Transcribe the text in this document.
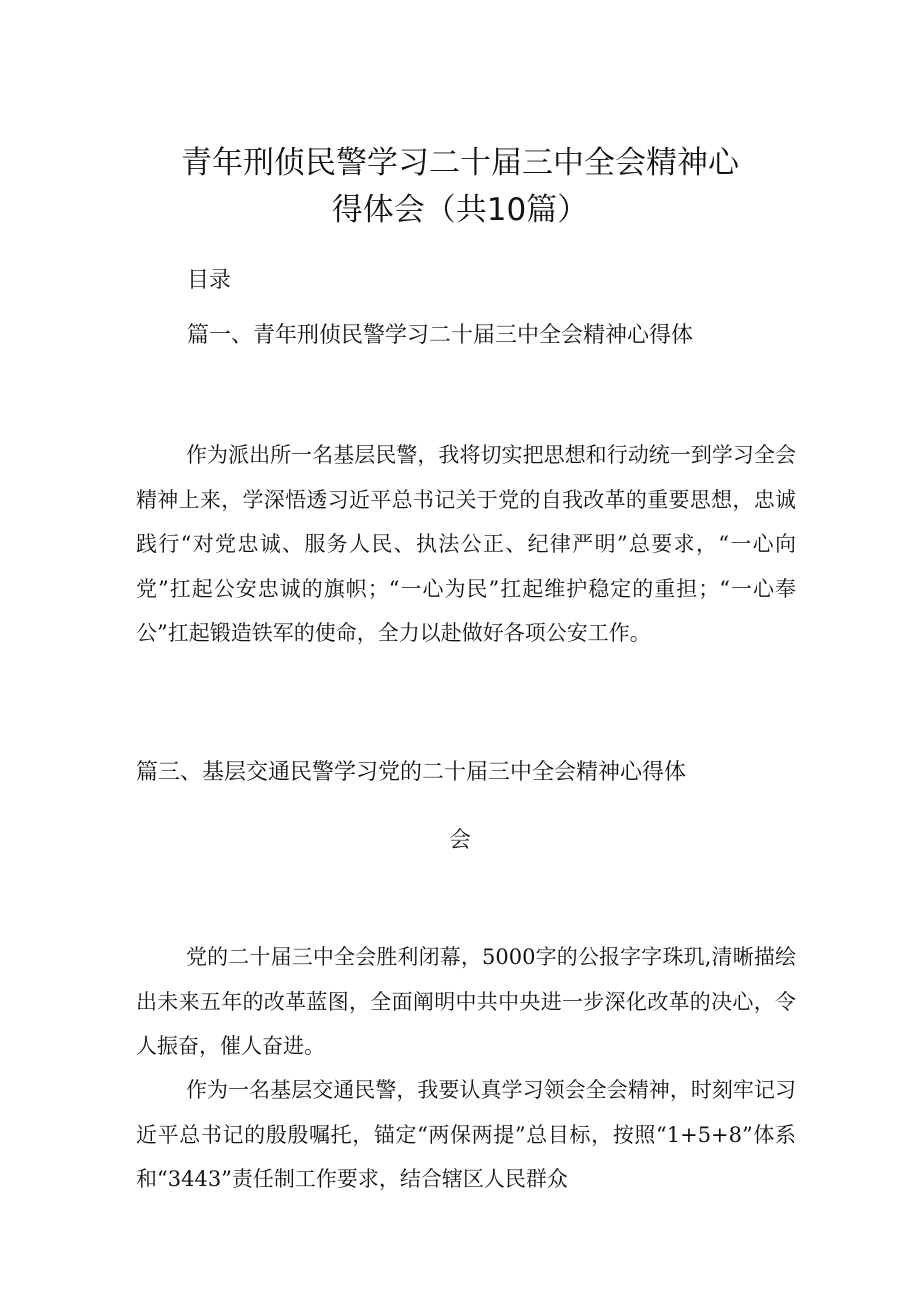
青年刑侦民警学习二十届三中全会精神心
得体会（共10篇）

目录

篇一、青年刑侦民警学习二十届三中全会精神心得体

作为派出所一名基层民警，我将切实把思想和行动统一到学习全会精神上来，学深悟透习近平总书记关于党的自我改革的重要思想，忠诚践行“对党忠诚、服务人民、执法公正、纪律严明”总要求，“一心向党”扛起公安忠诚的旗帜；“一心为民”扛起维护稳定的重担；“一心奉公”扛起锻造铁军的使命，全力以赴做好各项公安工作。

篇三、基层交通民警学习党的二十届三中全会精神心得体

会

党的二十届三中全会胜利闭幕，5000字的公报字字珠玑,清晰描绘出未来五年的改革蓝图，全面阐明中共中央进一步深化改革的决心，令人振奋，催人奋进。

作为一名基层交通民警，我要认真学习领会全会精神，时刻牢记习近平总书记的殷殷嘱托，锚定“两保两提”总目标，按照“1+5+8”体系和“3443”责任制工作要求，结合辖区人民群众
